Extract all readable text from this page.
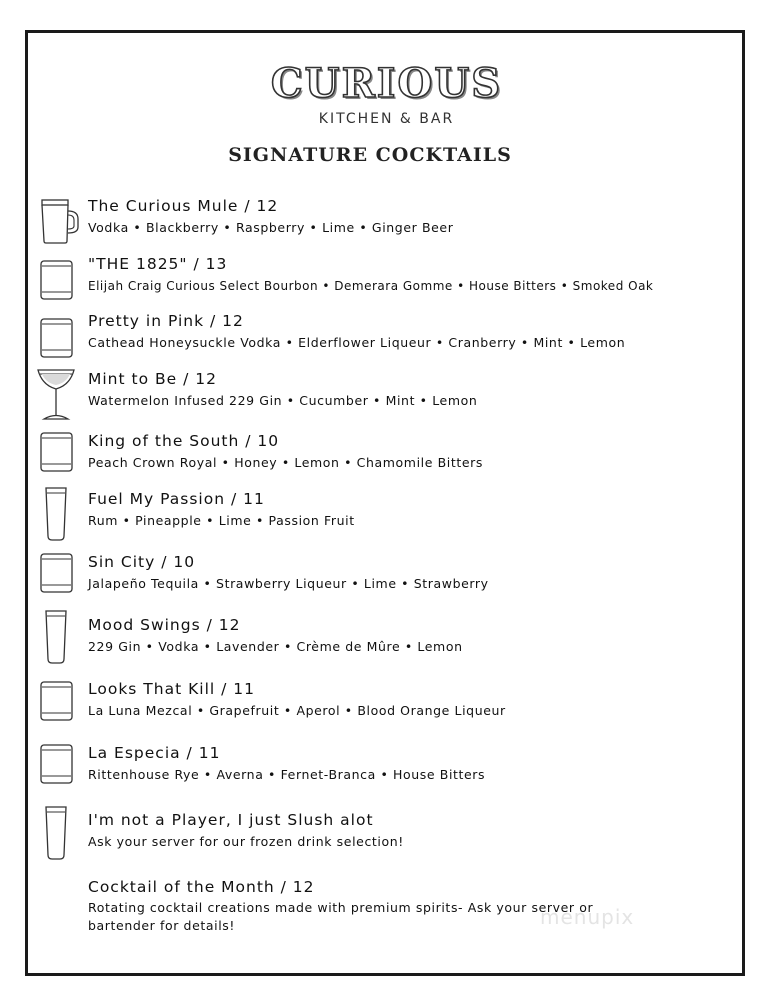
CURIOUS
KITCHEN & BAR
SIGNATURE COCKTAILS
The Curious Mule / 12
Vodka • Blackberry • Raspberry • Lime • Ginger Beer
"THE 1825" / 13
Elijah Craig Curious Select Bourbon • Demerara Gomme • House Bitters • Smoked Oak
Pretty in Pink / 12
Cathead Honeysuckle Vodka • Elderflower Liqueur • Cranberry • Mint • Lemon
Mint to Be / 12
Watermelon Infused 229 Gin • Cucumber • Mint • Lemon
King of the South / 10
Peach Crown Royal • Honey • Lemon • Chamomile Bitters
Fuel My Passion / 11
Rum • Pineapple • Lime • Passion Fruit
Sin City / 10
Jalapeño Tequila • Strawberry Liqueur • Lime • Strawberry
Mood Swings / 12
229 Gin • Vodka • Lavender • Crème de Mûre • Lemon
Looks That Kill / 11
La Luna Mezcal • Grapefruit • Aperol • Blood Orange Liqueur
La Especia / 11
Rittenhouse Rye • Averna • Fernet-Branca • House Bitters
I'm not a Player, I just Slush alot
Ask your server for our frozen drink selection!
Cocktail of the Month / 12
Rotating cocktail creations made with premium spirits- Ask your server or bartender for details!	menupix
